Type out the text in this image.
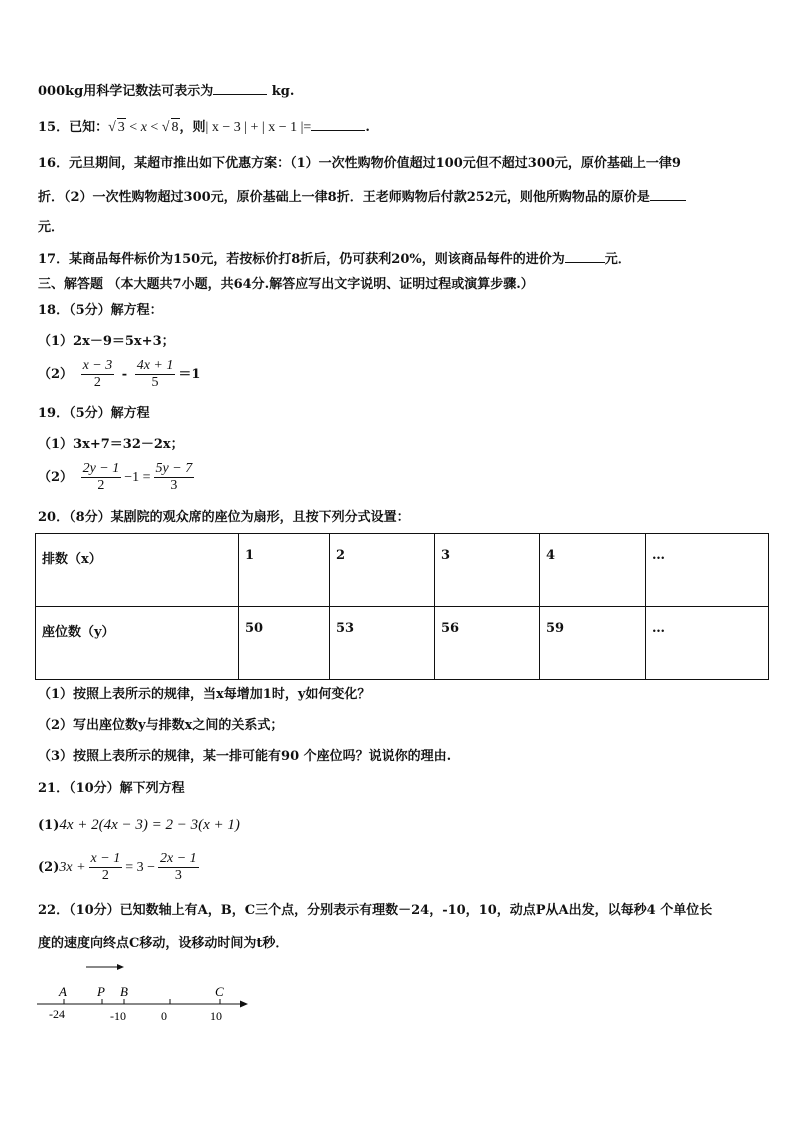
000kg用科学记数法可表示为	kg.
15．已知：√ 3 < x < √ 8，则| x − 3 | + | x − 1 |=	.
16．元旦期间，某超市推出如下优惠方案：（1）一次性购物价值超过100元但不超过300元，原价基础上一律9
折．（2）一次性购物超过300元，原价基础上一律8折．王老师购物后付款252元，则他所购物品的原价是
元．
17．某商品每件标价为150元，若按标价打8折后，仍可获利20%，则该商品每件的进价为	元．
三、解答题 （本大题共7小题，共64分.解答应写出文字说明、证明过程或演算步骤.）
18．（5分）解方程：
（1）2x－9＝5x+3；
$(2) \frac{x - 3}{2} - \frac{4x + 1}{5} =1$
19．（5分）解方程
（1）3x+7＝32－2x；
$(2) \frac{2y - 1}{2} -1 = \frac{5y - 7}{3}$
20．（8分）某剧院的观众席的座位为扇形，且按下列分式设置：
排数（x）	1	2	3	4	…
座位数（y）	50	53	56	59	…
（1）按照上表所示的规律，当x每增加1时，y如何变化？
（2）写出座位数y与排数x之间的关系式；
（3）按照上表所示的规律，某一排可能有90 个座位吗？说说你的理由.
21．（10分）解下列方程
(1)4x + 2(4x − 3) = 2 − 3(x + 1)
$(2)3x + \frac{x - 1}{2} = 3 - \frac{2x - 1}{3}$
22．（10分）已知数轴上有A，B，C三个点，分别表示有理数－24，-10，10，动点P从A出发，以每秒4 个单位长
度的速度向终点C移动，设移动时间为t秒．
A P B	C
-24	-10	0	10
